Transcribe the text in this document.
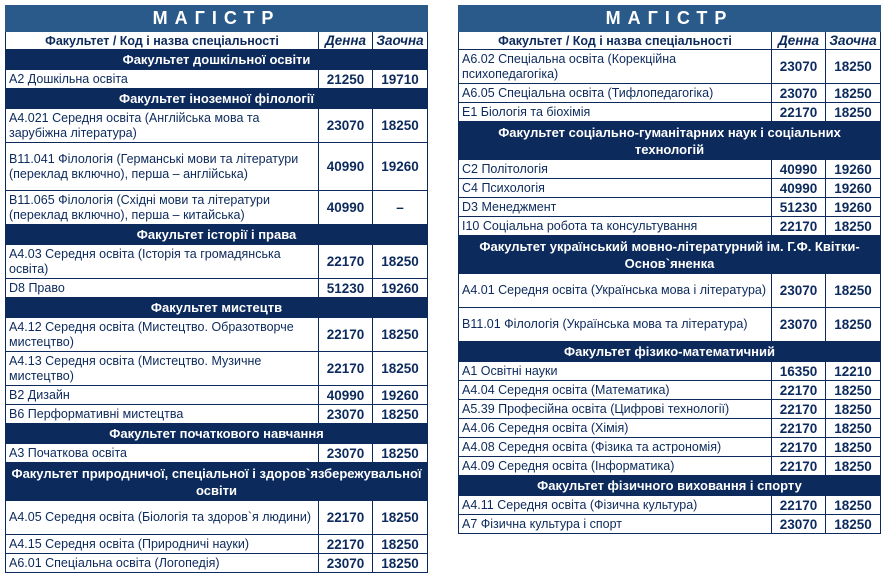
МАГІСТР		
Факультет / Код і назва спеціальності	Денна	Заочна
Факультет дошкільної освіти		
А2 Дошкільна освіта	21250	19710
Факультет іноземної філології		
А4.021 Середня освіта (Англійська мова та зарубіжна література)	23070	18250
В11.041 Філологія (Германські мови та літератури (переклад включно), перша – англійська)	40990	19260
В11.065 Філологія (Східні мови та літератури (переклад включно), перша – китайська)	40990	–
Факультет історії і права		
А4.03 Середня освіта (Історія та громадянська освіта)	22170	18250
D8 Право	51230	19260
Факультет мистецтв		
А4.12 Середня освіта (Мистецтво. Образотворче мистецтво)	22170	18250
А4.13 Середня освіта (Мистецтво. Музичне мистецтво)	22170	18250
В2 Дизайн	40990	19260
В6 Перформативні мистецтва	23070	18250
Факультет початкового навчання		
А3 Початкова освіта	23070	18250
Факультет природничої, спеціальної і здоров`язбережувальної освіти		
А4.05 Середня освіта (Біологія та здоров`я людини)	22170	18250
А4.15 Середня освіта (Природничі науки)	22170	18250
А6.01 Спеціальна освіта (Логопедія)	23070	18250
МАГІСТР		
Факультет / Код і назва спеціальності	Денна	Заочна
А6.02 Спеціальна освіта (Корекційна психопедагогіка)	23070	18250
А6.05 Спеціальна освіта (Тифлопедагогіка)	23070	18250
Е1 Біологія та біохімія	22170	18250
Факультет соціально-гуманітарних наук і соціальних технологій		
С2 Політологія	40990	19260
С4 Психологія	40990	19260
D3 Менеджмент	51230	19260
І10 Соціальна робота та консультування	22170	18250
Факультет український мовно-літературний ім. Г.Ф. Квітки-Основ`яненка		
А4.01 Середня освіта (Українська мова і література)	23070	18250
В11.01 Філологія (Українська мова та література)	23070	18250
Факультет фізико-математичний		
А1 Освітні науки	16350	12210
А4.04 Середня освіта (Математика)	22170	18250
А5.39 Професійна освіта (Цифрові технології)	22170	18250
А4.06 Середня освіта (Хімія)	22170	18250
А4.08 Середня освіта (Фізика та астрономія)	22170	18250
А4.09 Середня освіта (Інформатика)	22170	18250
Факультет фізичного виховання і спорту		
А4.11 Середня освіта (Фізична культура)	22170	18250
А7 Фізична культура і спорт	23070	18250
